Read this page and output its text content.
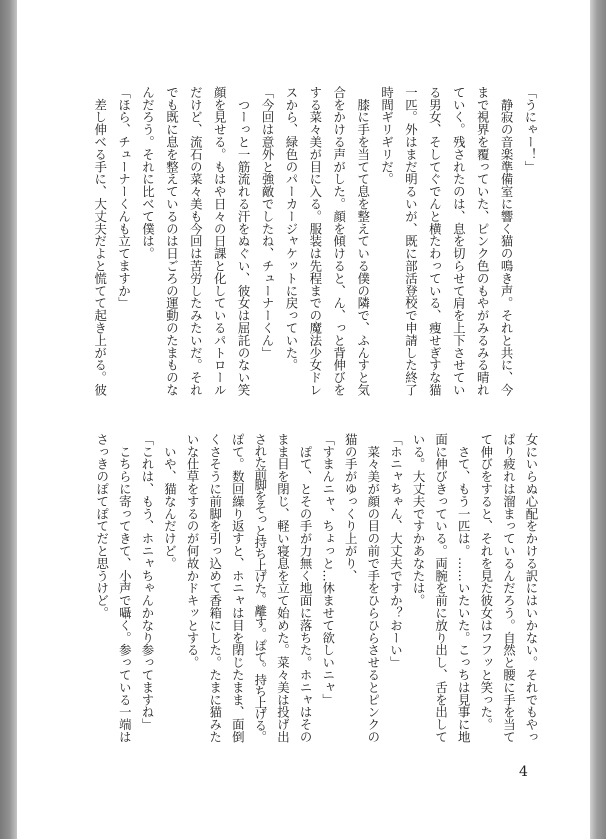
「うにゃー！」

　静寂の音楽準備室に響く猫の鳴き声。それと共に、今

まで視界を覆っていた、ピンク色のもやがみるみる晴れ

ていく。残されたのは、息を切らせて肩を上下させてい

る男女、そしてぐでんと横たわっている、痩せぎすな猫

一匹。外はまだ明るいが、既に部活登校で申請した終了

時間ギリギリだ。

　膝に手を当てて息を整えている僕の隣で、ふんすと気

合をかける声がした。顔を傾けると、ん、っと背伸びを

する菜々美が目に入る。服装は先程までの魔法少女ドレ

スから、緑色のパーカージャケットに戻っていた。

「今回は意外と強敵でしたね、チューナーくん」

　つーっと一筋流れる汗をぬぐい、彼女は屈託のない笑

顔を見せる。もはや日々の日課と化しているパトロール

だけど、流石の菜々美も今回は苦労したみたいだ。それ

でも既に息を整えているのは日ごろの運動のたまものな

んだろう。それに比べて僕は。

「ほら、チューナーくんも立てますか」

　差し伸べる手に、大丈夫だよと慌てて起き上がる。彼

女にいらぬ心配をかける訳にはいかない。それでもやっ

ぱり疲れは溜まっているんだろう。自然と腰に手を当て

て伸びをすると、それを見た彼女はフフッと笑った。

　さて、もう一匹は。……いたいた。こっちは見事に地

面に伸びきっている。両腕を前に放り出し、舌を出して

いる。大丈夫ですかあなたは。

「ホニャちゃん、大丈夫ですか？おーい」

　菜々美が顔の目の前で手をひらひらさせるとピンクの

猫の手がゆっくり上がり、

「すまんニャ、ちょっと…休ませて欲しいニャ」

　ぽて、とその手が力無く地面に落ちた。ホニャはその

まま目を閉じ、軽い寝息を立て始めた。菜々美は投げ出

された前脚をそっと持ち上げた。離す。ぽて。持ち上げる。

ぽて。数回繰り返すと、ホニャは目を閉じたまま、面倒

くさそうに前脚を引っ込めて香箱にした。たまに猫みた

いな仕草をするのが何故かドキッとする。

　いや、猫なんだけど。

「これは、もう、ホニャちゃんかなり参ってますね」

　こちらに寄ってきて、小声で囁く。参っている一端は

さっきのぽてぽてだと思うけど。

4
